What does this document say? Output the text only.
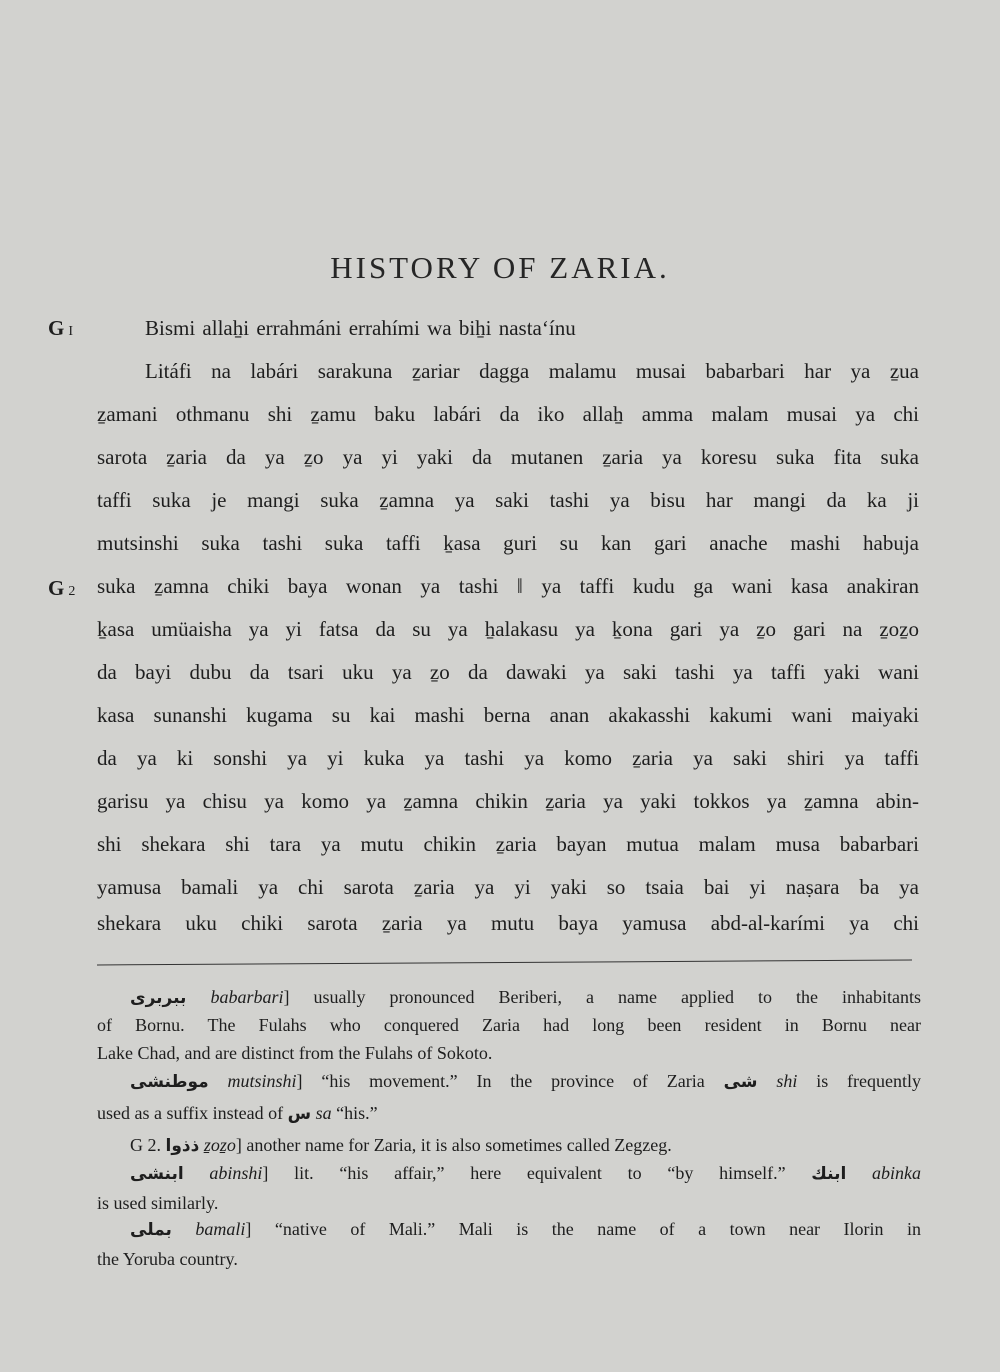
HISTORY OF ZARIA.
G I
G 2
Bismi allaẖi errahmáni errahími wa biẖi nasta‘ínu
Litáfi na labári sarakuna ẕariar dagga malamu musai babarbari har ya ẕua
ẕamani othmanu shi ẕamu baku labári da iko allaẖ amma malam musai ya chi
sarota ẕaria da ya ẕo ya yi yaki da mutanen ẕaria ya koresu suka fita suka
taffi suka je mangi suka ẕamna ya saki tashi ya bisu har mangi da ka ji
mutsinshi suka tashi suka taffi ḵasa guri su kan gari anache mashi habuja
suka ẕamna chiki baya wonan ya tashi ‖ ya taffi kudu ga wani kasa anakiran
ḵasa umüaisha ya yi fatsa da su ya ẖalakasu ya ḵona gari ya ẕo gari na ẕoẕo
da bayi dubu da tsari uku ya ẕo da dawaki ya saki tashi ya taffi yaki wani
kasa sunanshi kugama su kai mashi berna anan akakasshi kakumi wani maiyaki
da ya ki sonshi ya yi kuka ya tashi ya komo ẕaria ya saki shiri ya taffi
garisu ya chisu ya komo ya ẕamna chikin ẕaria ya yaki tokkos ya ẕamna abin-
shi shekara shi tara ya mutu chikin ẕaria bayan mutua malam musa babarbari
yamusa bamali ya chi sarota ẕaria ya yi yaki so tsaia bai yi naṣara ba ya
shekara uku chiki sarota ẕaria ya mutu baya yamusa abd-al-karími ya chi
ببربرى babarbari] usually pronounced Beriberi, a name applied to the inhabitants
of Bornu. The Fulahs who conquered Zaria had long been resident in Bornu near
Lake Chad, and are distinct from the Fulahs of Sokoto.
موطنشى mutsinshi] “his movement.” In the province of Zaria شى shi is frequently
used as a suffix instead of س sa “his.”
G 2. ذذوا ẕoẕo] another name for Zaria, it is also sometimes called Zegzeg.
ابنشى abinshi] lit. “his affair,” here equivalent to “by himself.” ابنك abinka
is used similarly.
بملى bamali] “native of Mali.” Mali is the name of a town near Ilorin in
the Yoruba country.
